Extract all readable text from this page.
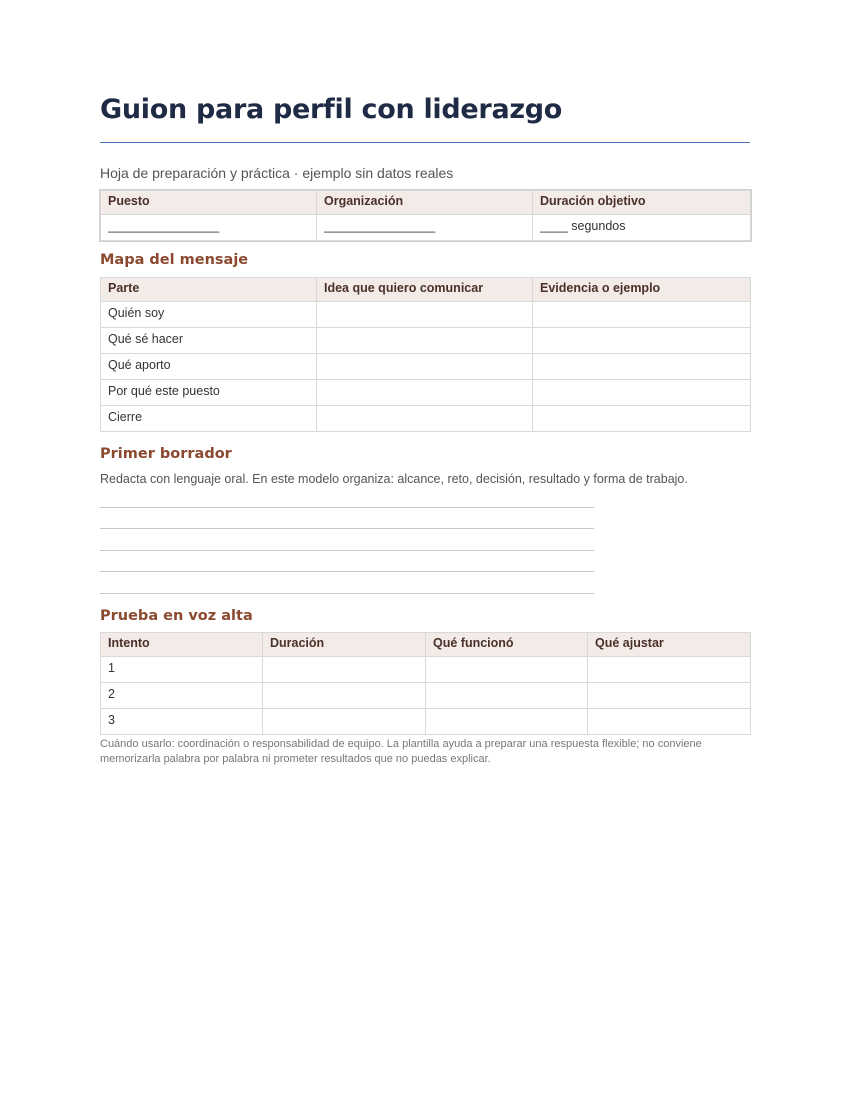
Guion para perfil con liderazgo
Hoja de preparación y práctica · ejemplo sin datos reales
Puesto	Organización	Duración objetivo
________________	________________	____ segundos
Mapa del mensaje
Parte	Idea que quiero comunicar	Evidencia o ejemplo
Quién soy		
Qué sé hacer		
Qué aporto		
Por qué este puesto		
Cierre		
Primer borrador
Redacta con lenguaje oral. En este modelo organiza: alcance, reto, decisión, resultado y forma de trabajo.
Prueba en voz alta
Intento	Duración	Qué funcionó	Qué ajustar
1			
2			
3			
Cuándo usarlo: coordinación o responsabilidad de equipo. La plantilla ayuda a preparar una respuesta flexible; no conviene memorizarla palabra por palabra ni prometer resultados que no puedas explicar.
